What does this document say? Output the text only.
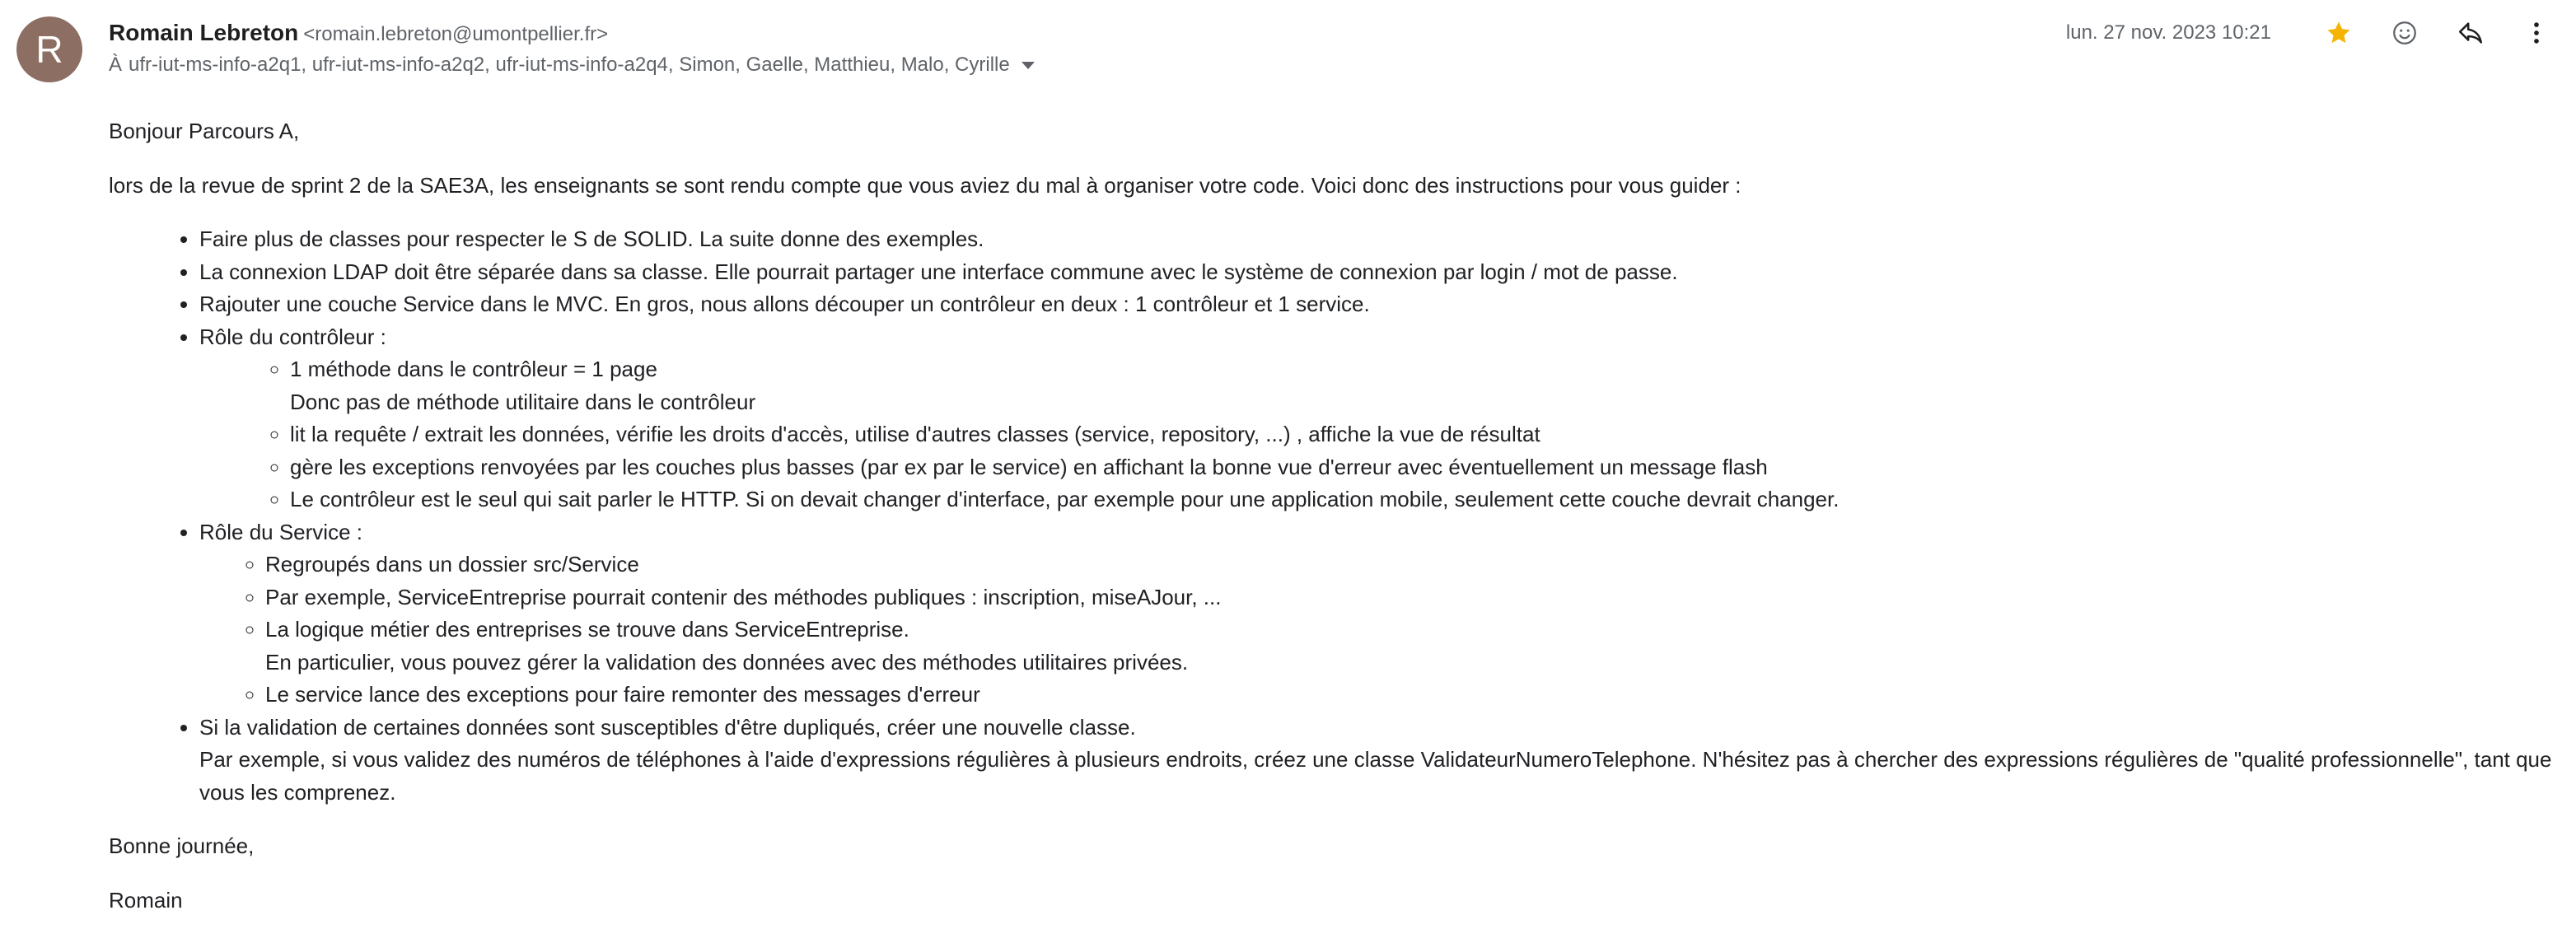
R Romain Lebreton <romain.lebreton@umontpellier.fr>
À ufr-iut-ms-info-a2q1, ufr-iut-ms-info-a2q2, ufr-iut-ms-info-a2q4, Simon, Gaelle, Matthieu, Malo, Cyrille
lun. 27 nov. 2023 10:21

Bonjour Parcours A,

lors de la revue de sprint 2 de la SAE3A, les enseignants se sont rendu compte que vous aviez du mal à organiser votre code. Voici donc des instructions pour vous guider :

• Faire plus de classes pour respecter le S de SOLID. La suite donne des exemples.
• La connexion LDAP doit être séparée dans sa classe. Elle pourrait partager une interface commune avec le système de connexion par login / mot de passe.
• Rajouter une couche Service dans le MVC. En gros, nous allons découper un contrôleur en deux : 1 contrôleur et 1 service.
• Rôle du contrôleur :
◦ 1 méthode dans le contrôleur = 1 page
Donc pas de méthode utilitaire dans le contrôleur
◦ lit la requête / extrait les données, vérifie les droits d'accès, utilise d'autres classes (service, repository, ...) , affiche la vue de résultat
◦ gère les exceptions renvoyées par les couches plus basses (par ex par le service) en affichant la bonne vue d'erreur avec éventuellement un message flash
◦ Le contrôleur est le seul qui sait parler le HTTP. Si on devait changer d'interface, par exemple pour une application mobile, seulement cette couche devrait changer.
• Rôle du Service :
◦ Regroupés dans un dossier src/Service
◦ Par exemple, ServiceEntreprise pourrait contenir des méthodes publiques : inscription, miseAJour, ...
◦ La logique métier des entreprises se trouve dans ServiceEntreprise.
En particulier, vous pouvez gérer la validation des données avec des méthodes utilitaires privées.
◦ Le service lance des exceptions pour faire remonter des messages d'erreur
• Si la validation de certaines données sont susceptibles d'être dupliqués, créer une nouvelle classe.
Par exemple, si vous validez des numéros de téléphones à l'aide d'expressions régulières à plusieurs endroits, créez une classe ValidateurNumeroTelephone. N'hésitez pas à chercher des expressions régulières de "qualité professionnelle", tant que vous les comprenez.

Bonne journée,

Romain
